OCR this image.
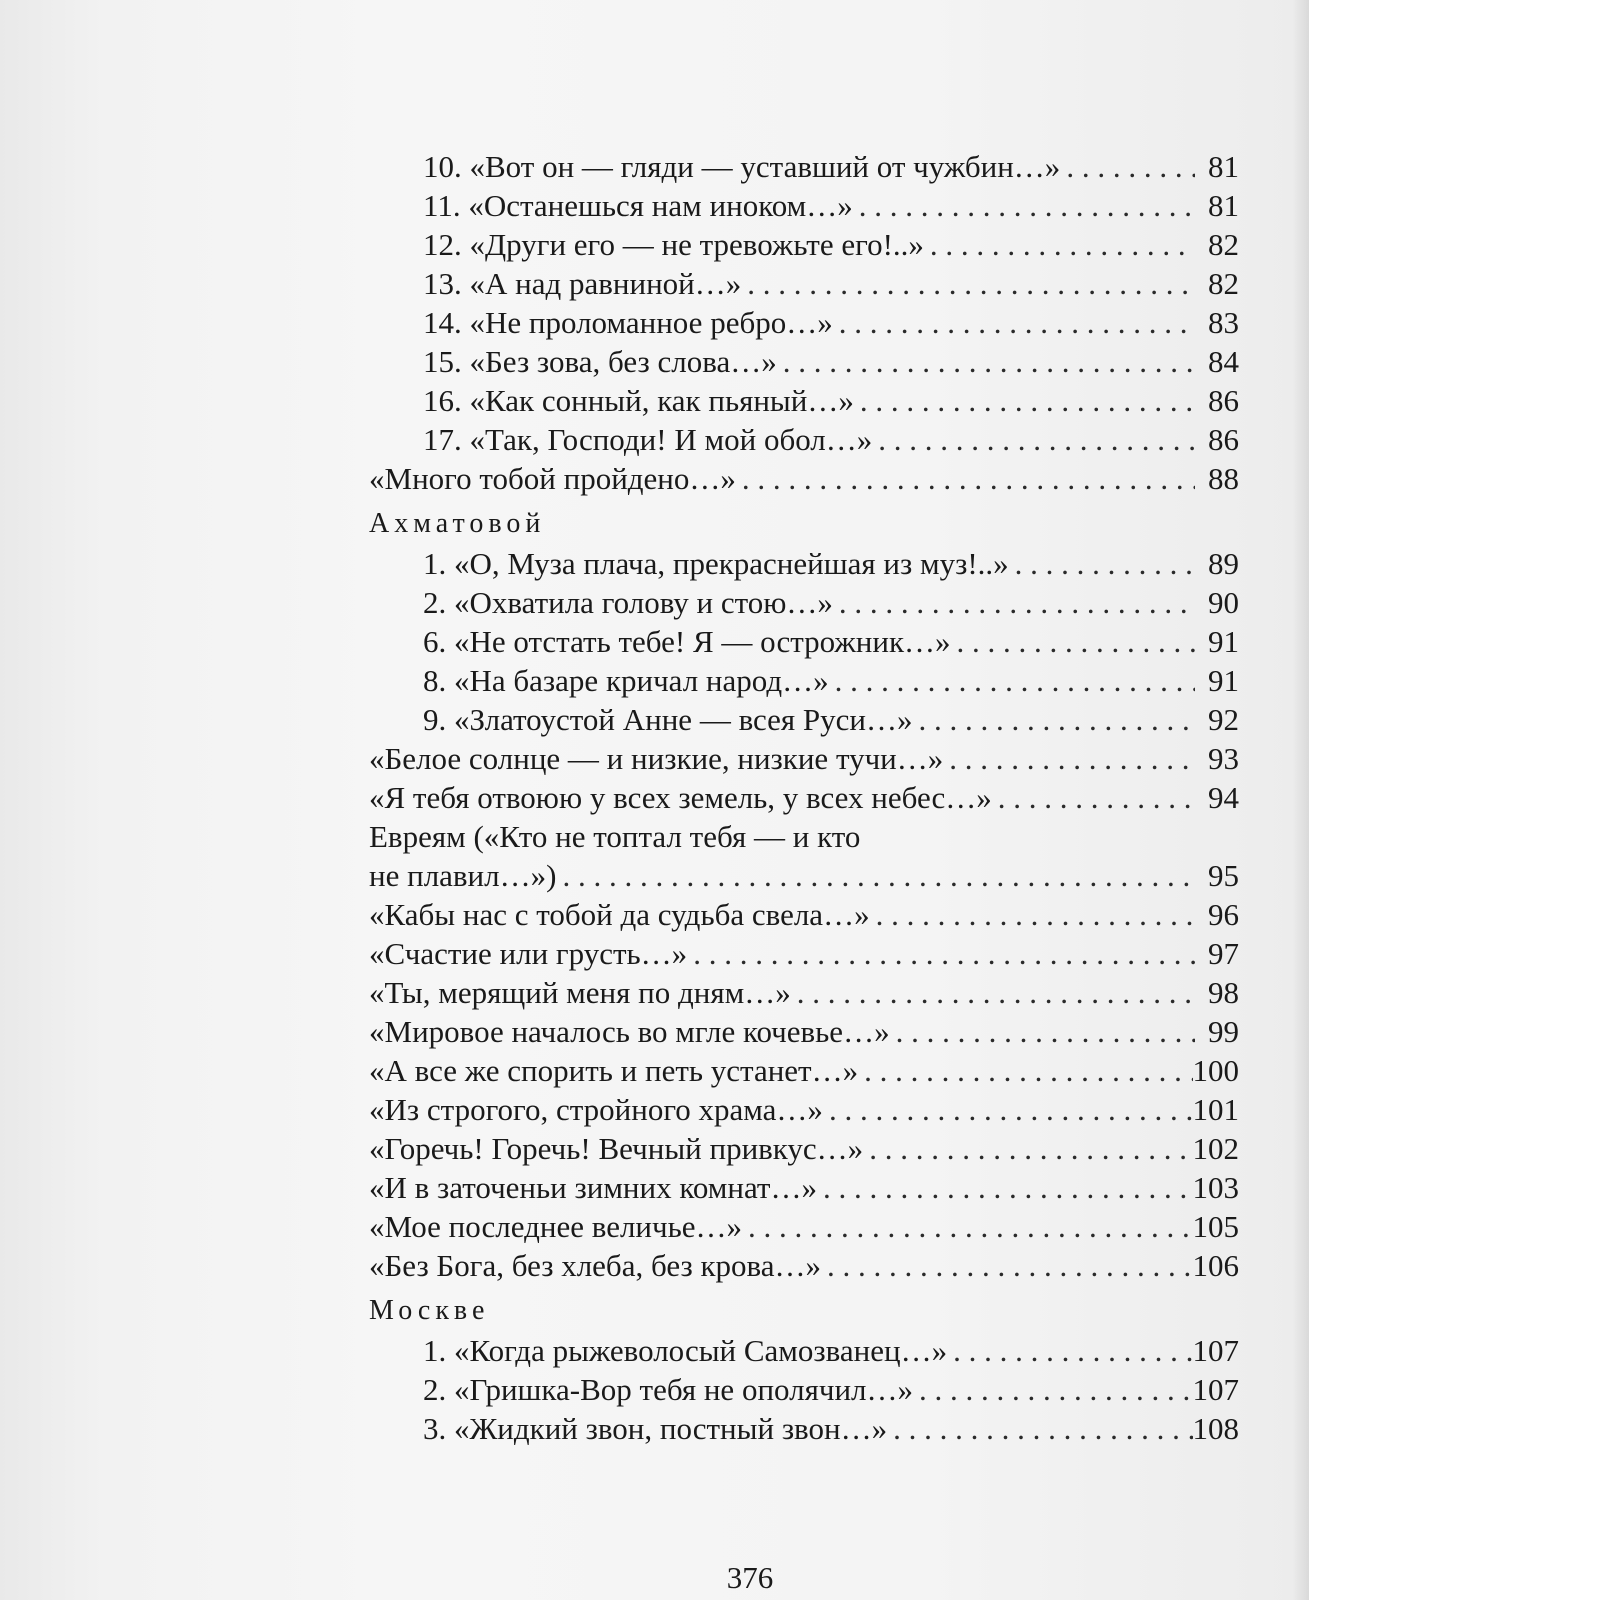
10. «Вот он — гляди — уставший от чужбин…» . . .	81
11. «Останешься нам иноком…» . . .	81
12. «Други его — не тревожьте его!..» . . .	82
13. «А над равниной…» . . .	82
14. «Не проломанное ребро…» . . .	83
15. «Без зова, без слова…» . . .	84
16. «Как сонный, как пьяный…» . . .	86
17. «Так, Господи! И мой обол…» . . .	86
«Много тобой пройдено…» . . .	88
Ахматовой
1. «О, Муза плача, прекраснейшая из муз!..» . . .	89
2. «Охватила голову и стою…» . . .	90
6. «Не отстать тебе! Я — острожник…» . . .	91
8. «На базаре кричал народ…» . . .	91
9. «Златоустой Анне — всея Руси…» . . .	92
«Белое солнце — и низкие, низкие тучи…» . . .	93
«Я тебя отвоюю у всех земель, у всех небес…» . . .	94
Евреям («Кто не топтал тебя — и кто
не плавил…») . . .	95
«Кабы нас с тобой да судьба свела…» . . .	96
«Счастие или грусть…» . . .	97
«Ты, мерящий меня по дням…» . . .	98
«Мировое началось во мгле кочевье…» . . .	99
«А все же спорить и петь устанет…» . . .	100
«Из строгого, стройного храма…» . . .	101
«Горечь! Горечь! Вечный привкус…» . . .	102
«И в заточеньи зимних комнат…» . . .	103
«Мое последнее величье…» . . .	105
«Без Бога, без хлеба, без крова…» . . .	106
Москве
1. «Когда рыжеволосый Самозванец…» . . .	107
2. «Гришка-Вор тебя не ополячил…» . . .	107
3. «Жидкий звон, постный звон…» . . .	108
376
